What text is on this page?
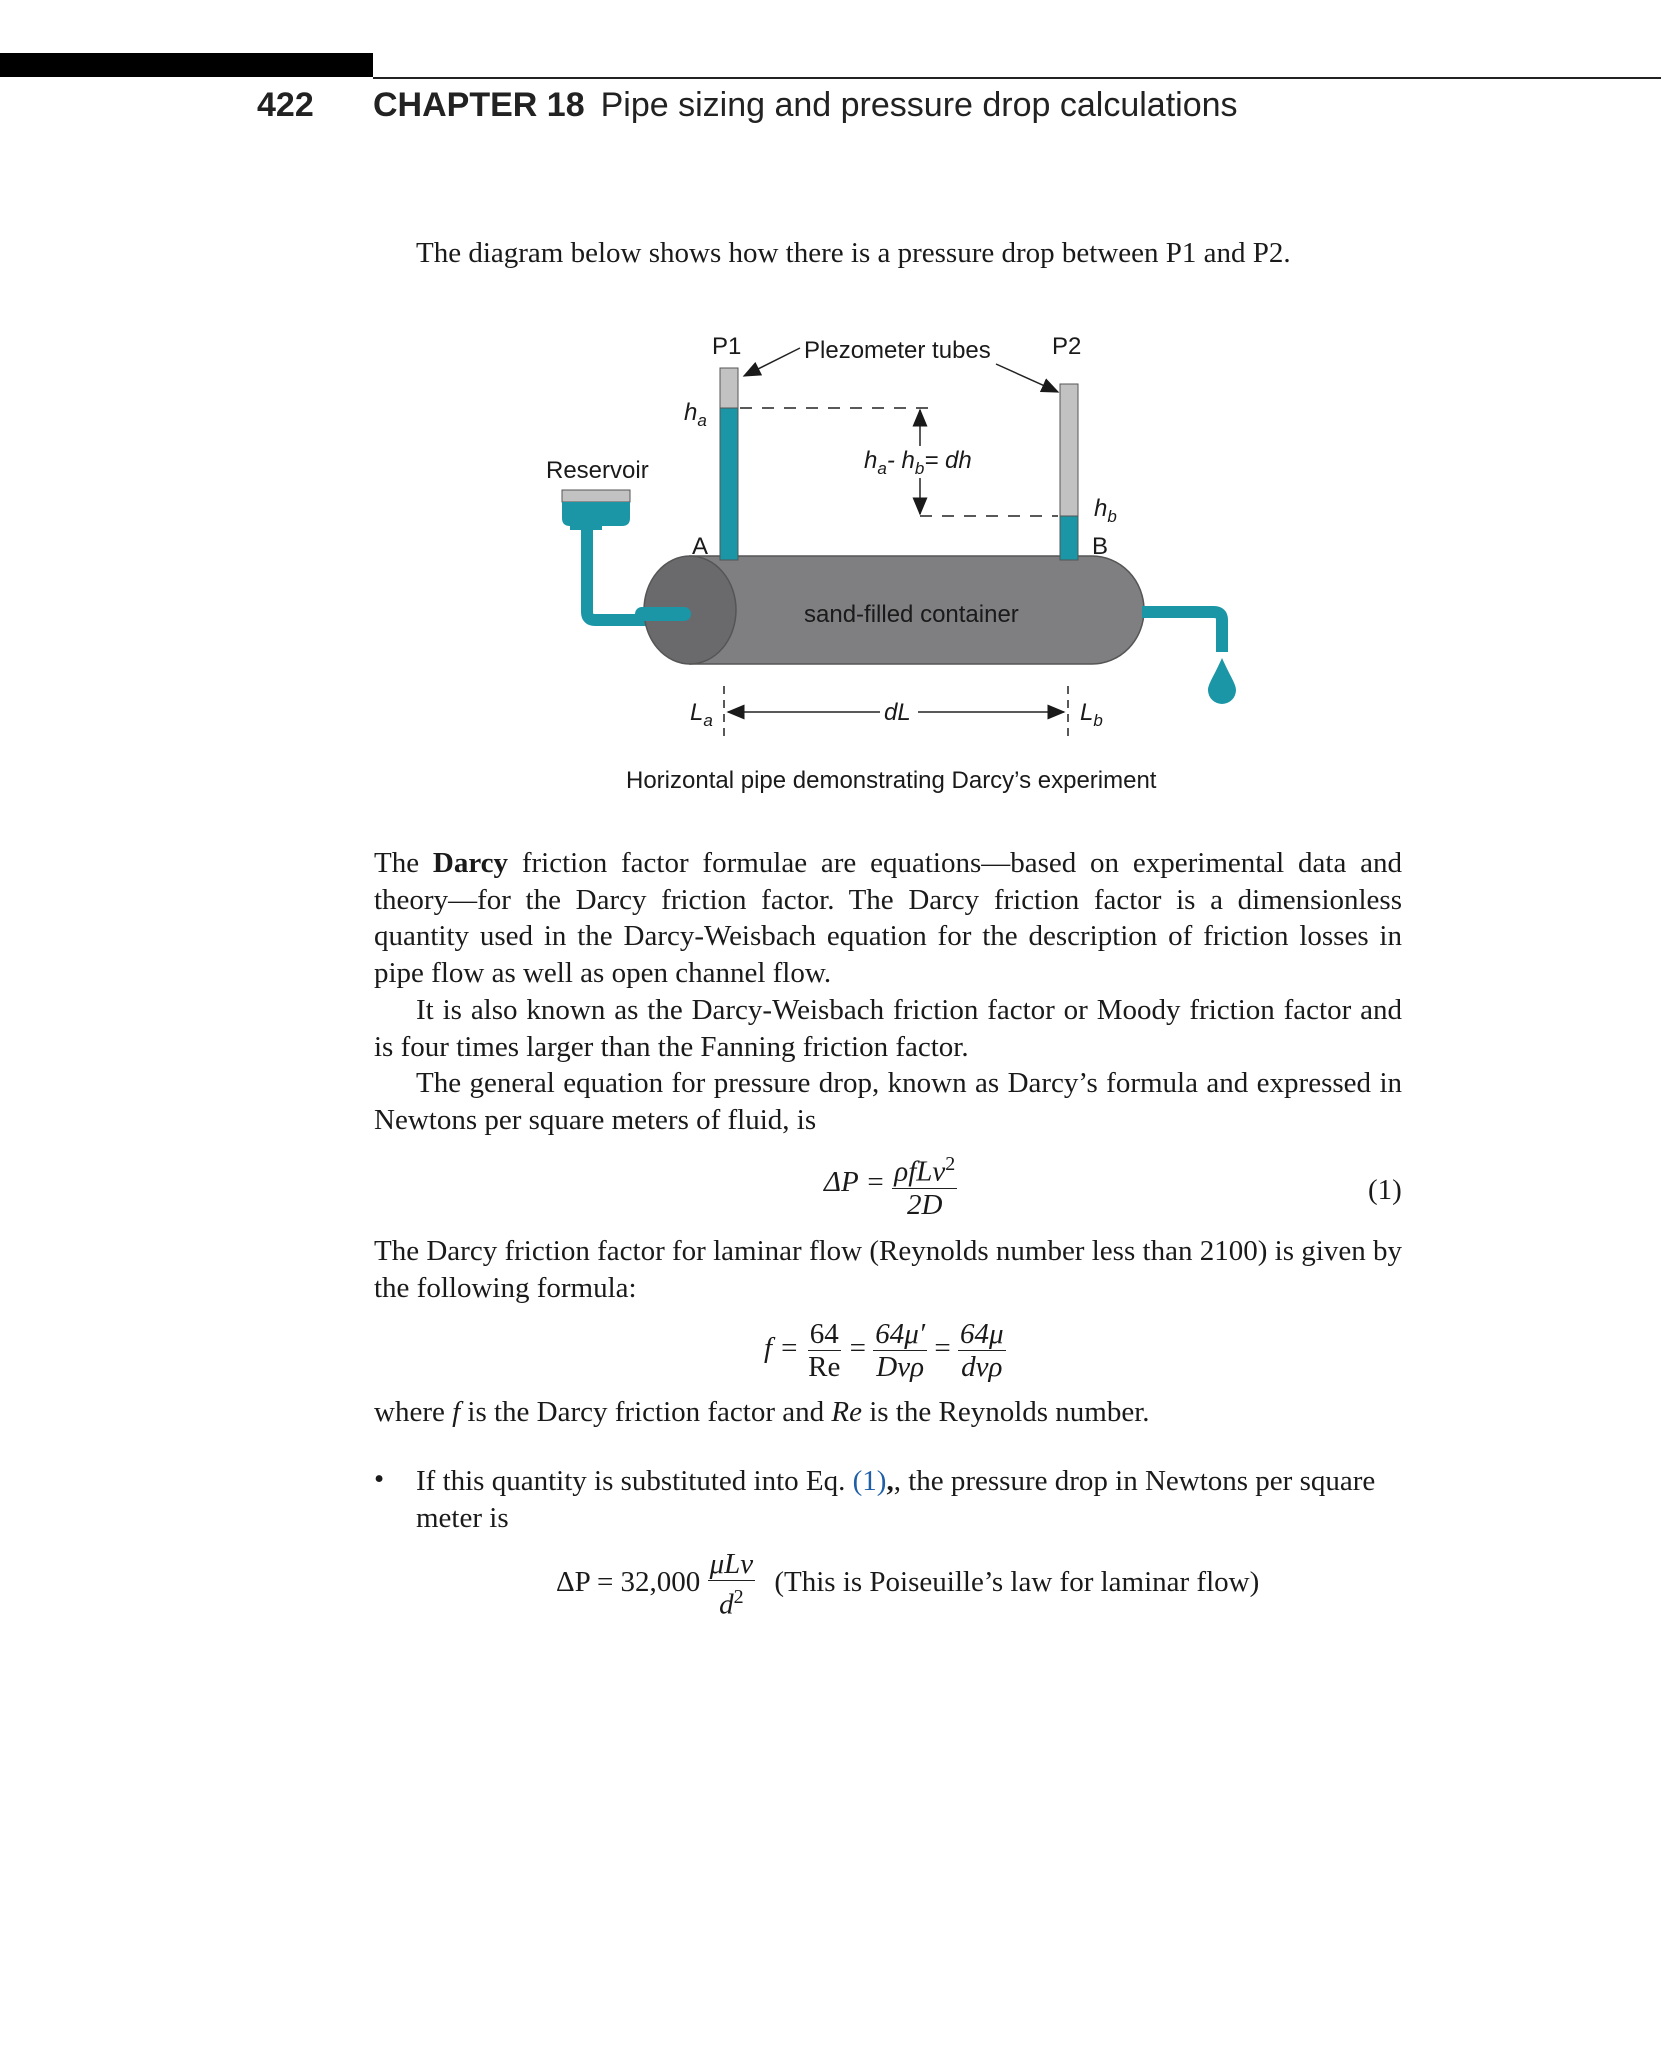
422	CHAPTER 18 Pipe sizing and pressure drop calculations
The diagram below shows how there is a pressure drop between P1 and P2.
P1	P2
Plezometer tubes
Reservoir
$h_a$
$h_b$
$h_a-$ $h_b=$ dh
A	B
sand-filled container
$L_a$	dL	$L_b$
Horizontal pipe demonstrating Darcy’s experiment

The Darcy friction factor formulae are equations—based on experimental data and theory—for the Darcy friction factor. The Darcy friction factor is a dimensionless quantity used in the Darcy-Weisbach equation for the description of friction losses in pipe flow as well as open channel flow.

It is also known as the Darcy-Weisbach friction factor or Moody friction factor and is four times larger than the Fanning friction factor.

The general equation for pressure drop, known as Darcy’s formula and expressed in Newtons per square meters of fluid, is

$\Delta P = \frac{\rho fLv^2}{2D}$	(1)

The Darcy friction factor for laminar flow (Reynolds number less than 2100) is given by the following formula:

$f = \frac{64}{Re} = \frac{64\mu'}{\text{Dvρ}} = \frac{64\mu}{\text{dvρ}}$

where f is the Darcy friction factor and Re is the Reynolds number.

• If this quantity is substituted into Eq. (1),, the pressure drop in Newtons per square meter is

$\Delta P = 32,000 \frac{\text{μLv}}{d^2}$ (This is Poiseuille’s law for laminar flow)
